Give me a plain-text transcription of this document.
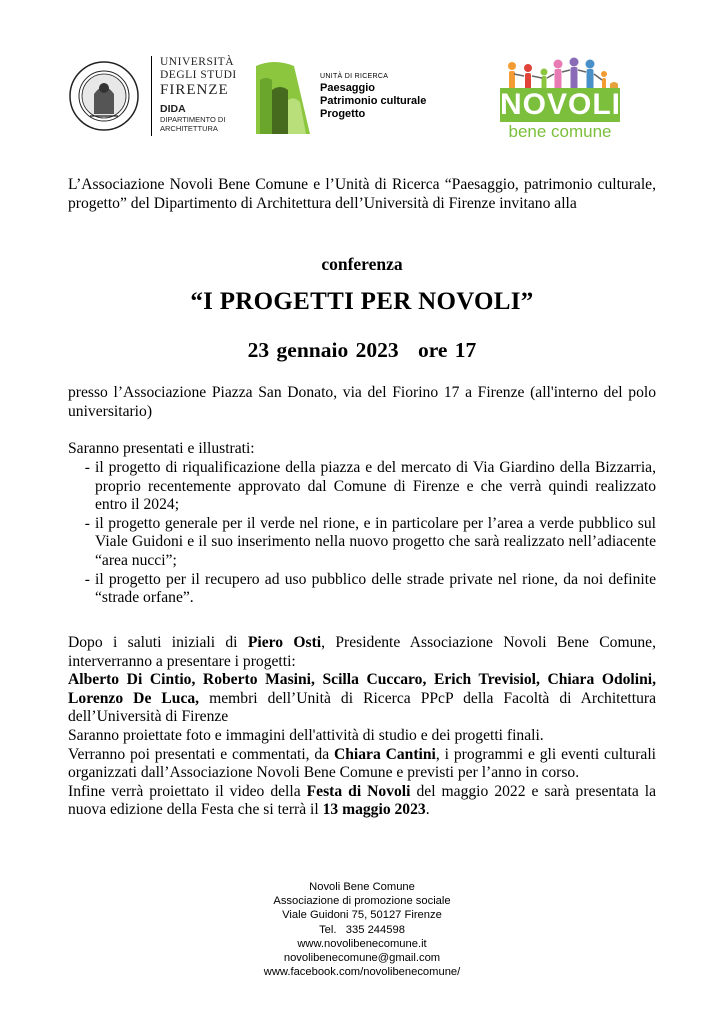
UNIVERSITÀ
DEGLI STUDI
FIRENZE
DIDA
DIPARTIMENTO DI
ARCHITETTURA
UNITÀ DI RICERCA
Paesaggio
Patrimonio culturale
Progetto	NOVOLI
bene comune
L’Associazione Novoli Bene Comune e l’Unità di Ricerca “Paesaggio, patrimonio culturale, progetto” del Dipartimento di Architettura dell’Università di Firenze invitano alla
conferenza
“I PROGETTI PER NOVOLI”
23 gennaio 2023 ore 17
presso l’Associazione Piazza San Donato, via del Fiorino 17 a Firenze (all'interno del polo universitario)
Saranno presentati e illustrati:
- il progetto di riqualificazione della piazza e del mercato di Via Giardino della Bizzarria, proprio recentemente approvato dal Comune di Firenze e che verrà quindi realizzato entro il 2024;
- il progetto generale per il verde nel rione, e in particolare per l’area a verde pubblico sul Viale Guidoni e il suo inserimento nella nuovo progetto che sarà realizzato nell’adiacente “area nucci”;
- il progetto per il recupero ad uso pubblico delle strade private nel rione, da noi definite “strade orfane”.

Dopo i saluti iniziali di Piero Osti, Presidente Associazione Novoli Bene Comune, interverranno a presentare i progetti:

Alberto Di Cintio, Roberto Masini, Scilla Cuccaro, Erich Trevisiol, Chiara Odolini, Lorenzo De Luca, membri dell’Unità di Ricerca PPcP della Facoltà di Architettura dell’Università di Firenze

Saranno proiettate foto e immagini dell'attività di studio e dei progetti finali.

Verranno poi presentati e commentati, da Chiara Cantini, i programmi e gli eventi culturali organizzati dall’Associazione Novoli Bene Comune e previsti per l’anno in corso.

Infine verrà proiettato il video della Festa di Novoli del maggio 2022 e sarà presentata la nuova edizione della Festa che si terrà il 13 maggio 2023.

Novoli Bene Comune
Associazione di promozione sociale
Viale Guidoni 75, 50127 Firenze
Tel.   335 244598
www.novolibenecomune.it
novolibenecomune@gmail.com
www.facebook.com/novolibenecomune/
